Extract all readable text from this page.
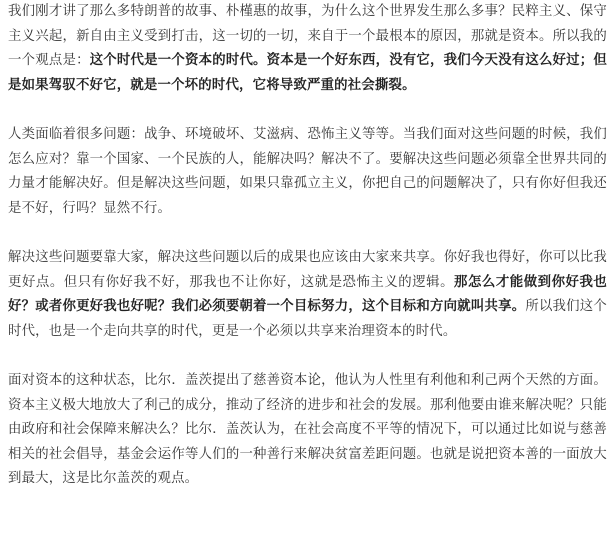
我们刚才讲了那么多特朗普的故事、朴槿惠的故事，为什么这个世界发生那么多事？民粹主义、保守主义兴起，新自由主义受到打击，这一切的一切，来自于一个最根本的原因，那就是资本。所以我的一个观点是：这个时代是一个资本的时代。资本是一个好东西，没有它，我们今天没有这么好过；但是如果驾驭不好它，就是一个坏的时代，它将导致严重的社会撕裂。

人类面临着很多问题：战争、环境破坏、艾滋病、恐怖主义等等。当我们面对这些问题的时候，我们怎么应对？靠一个国家、一个民族的人，能解决吗？解决不了。要解决这些问题必须靠全世界共同的力量才能解决好。但是解决这些问题，如果只靠孤立主义，你把自己的问题解决了，只有你好但我还是不好，行吗？显然不行。

解决这些问题要靠大家，解决这些问题以后的成果也应该由大家来共享。你好我也得好，你可以比我更好点。但只有你好我不好，那我也不让你好，这就是恐怖主义的逻辑。那怎么才能做到你好我也好？或者你更好我也好呢？我们必须要朝着一个目标努力，这个目标和方向就叫共享。所以我们这个时代，也是一个走向共享的时代，更是一个必须以共享来治理资本的时代。

面对资本的这种状态，比尔．盖茨提出了慈善资本论，他认为人性里有利他和利己两个天然的方面。资本主义极大地放大了利己的成分，推动了经济的进步和社会的发展。那利他要由谁来解决呢？只能由政府和社会保障来解决么？比尔．盖茨认为，在社会高度不平等的情况下，可以通过比如说与慈善相关的社会倡导，基金会运作等人们的一种善行来解决贫富差距问题。也就是说把资本善的一面放大到最大，这是比尔盖茨的观点。
